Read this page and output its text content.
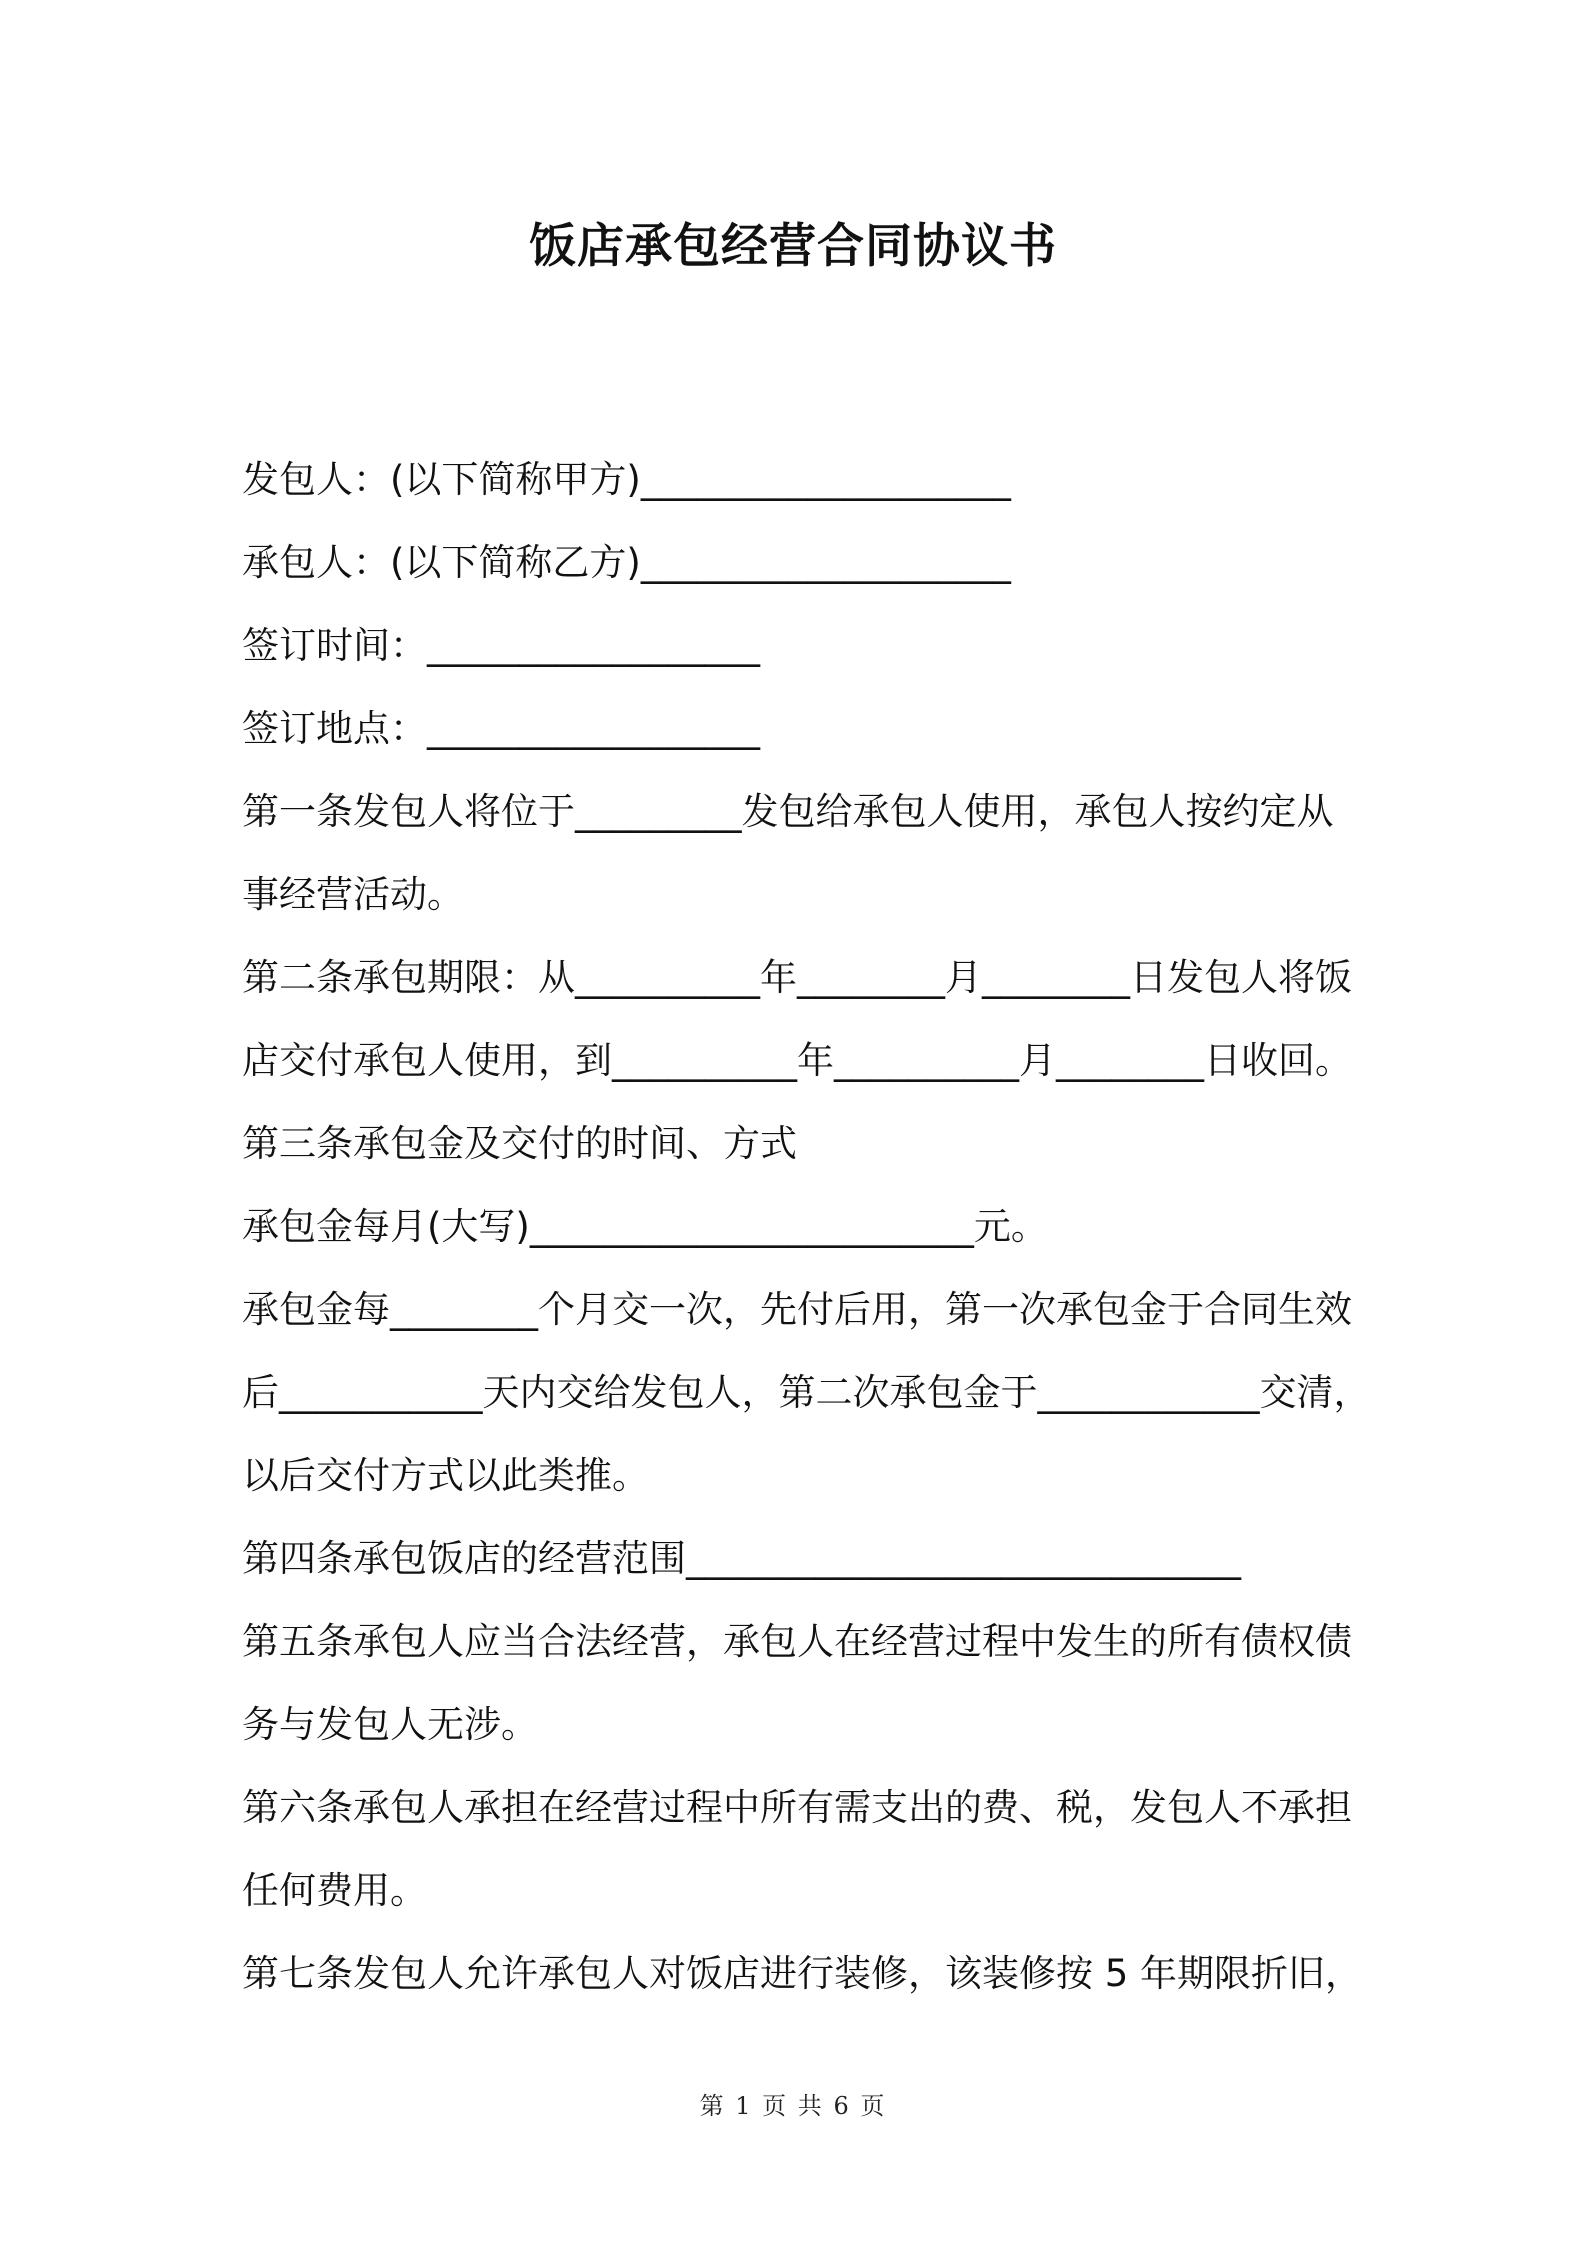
饭店承包经营合同协议书

发包人：(以下简称甲方)____________________

承包人：(以下简称乙方)____________________

签订时间：__________________

签订地点：__________________

第一条发包人将位于_________发包给承包人使用，承包人按约定从

事经营活动。

第二条承包期限：从__________年________月________日发包人将饭

店交付承包人使用，到__________年__________月________日收回。

第三条承包金及交付的时间、方式

承包金每月(大写)________________________元。

承包金每________个月交一次，先付后用，第一次承包金于合同生效

后___________天内交给发包人，第二次承包金于____________交清，

以后交付方式以此类推。

第四条承包饭店的经营范围______________________________

第五条承包人应当合法经营，承包人在经营过程中发生的所有债权债

务与发包人无涉。

第六条承包人承担在经营过程中所有需支出的费、税，发包人不承担

任何费用。

第七条发包人允许承包人对饭店进行装修，该装修按 5 年期限折旧，

第 1 页 共 6 页
